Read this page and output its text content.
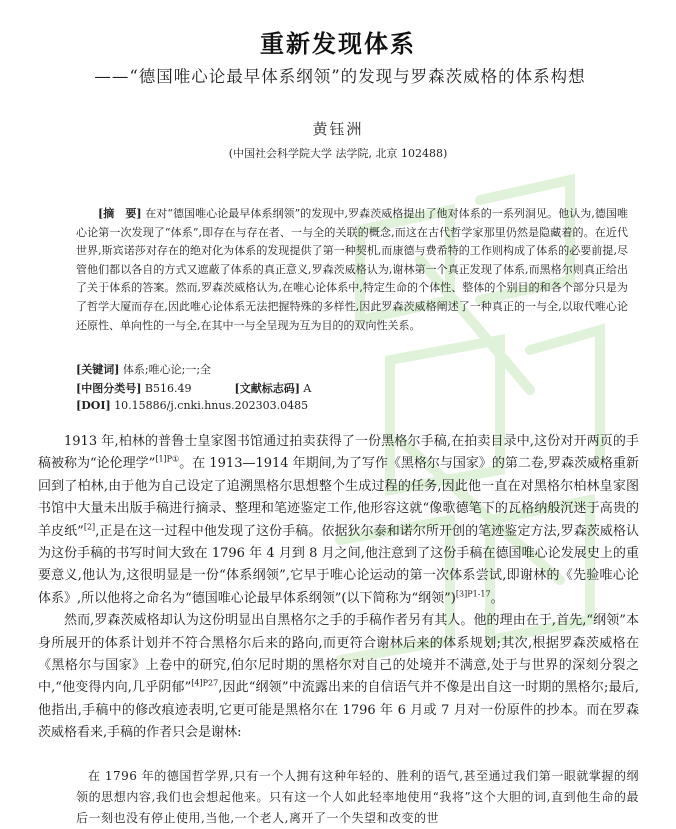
重新发现体系
——“德国唯心论最早体系纲领”的发现与罗森茨威格的体系构想
黄钰洲
(中国社会科学院大学 法学院, 北京 102488)
[摘　要] 在对“德国唯心论最早体系纲领”的发现中,罗森茨威格提出了他对体系的一系列洞见。他认为,德国唯心论第一次发现了“体系”,即存在与存在者、一与全的关联的概念,而这在古代哲学家那里仍然是隐藏着的。在近代世界,斯宾诺莎对存在的绝对化为体系的发现提供了第一种契机,而康德与费希特的工作则构成了体系的必要前提,尽管他们都以各自的方式又遮蔽了体系的真正意义,罗森茨威格认为,谢林第一个真正发现了体系,而黑格尔则真正给出了关于体系的答案。然而,罗森茨威格认为,在唯心论体系中,特定生命的个体性、整体的个别目的和各个部分只是为了哲学大厦而存在,因此唯心论体系无法把握特殊的多样性,因此罗森茨威格阐述了一种真正的一与全,以取代唯心论还原性、单向性的一与全,在其中一与全呈现为互为目的的双向性关系。
[关键词] 体系;唯心论;一;全
[中图分类号] B516.49	[文献标志码] A
[DOI] 10.15886/j.cnki.hnus.202303.0485

1913 年,柏林的普鲁士皇家图书馆通过拍卖获得了一份黑格尔手稿,在拍卖目录中,这份对开两页的手稿被称为“论伦理学”$^{[1]P①}$。在 1913—1914 年期间,为了写作《黑格尔与国家》的第二卷,罗森茨威格重新回到了柏林,由于他为自己设定了追溯黑格尔思想整个生成过程的任务,因此他一直在对黑格尔柏林皇家图书馆中大量未出版手稿进行摘录、整理和笔迹鉴定工作,他形容这就“像歌德笔下的瓦格纳般沉迷于高贵的羊皮纸”[2],正是在这一过程中他发现了这份手稿。依据狄尔泰和诺尔所开创的笔迹鉴定方法,罗森茨威格认为这份手稿的书写时间大致在 1796 年 4 月到 8 月之间,他注意到了这份手稿在德国唯心论发展史上的重要意义,他认为,这很明显是一份“体系纲领”,它早于唯心论运动的第一次体系尝试,即谢林的《先验唯心论体系》,所以他将之命名为“德国唯心论最早体系纲领”(以下简称为“纲领”)$^{[3]P1-17}$。

然而,罗森茨威格却认为这份明显出自黑格尔之手的手稿作者另有其人。他的理由在于,首先,“纲领”本身所展开的体系计划并不符合黑格尔后来的路向,而更符合谢林后来的体系规划;其次,根据罗森茨威格在《黑格尔与国家》上卷中的研究,伯尔尼时期的黑格尔对自己的处境并不满意,处于与世界的深刻分裂之中,“他变得内向,几乎阴郁”$^{[4]P27}$,因此“纲领”中流露出来的自信语气并不像是出自这一时期的黑格尔;最后,他指出,手稿中的修改痕迹表明,它更可能是黑格尔在 1796 年 6 月或 7 月对一份原件的抄本。而在罗森茨威格看来,手稿的作者只会是谢林:

在 1796 年的德国哲学界,只有一个人拥有这种年轻的、胜利的语气,甚至通过我们第一眼就掌握的纲领的思想内容,我们也会想起他来。只有这一个人如此轻率地使用“我将”这个大胆的词,直到他生命的最后一刻也没有停止使用,当他,一个老人,离开了一个失望和改变的世
